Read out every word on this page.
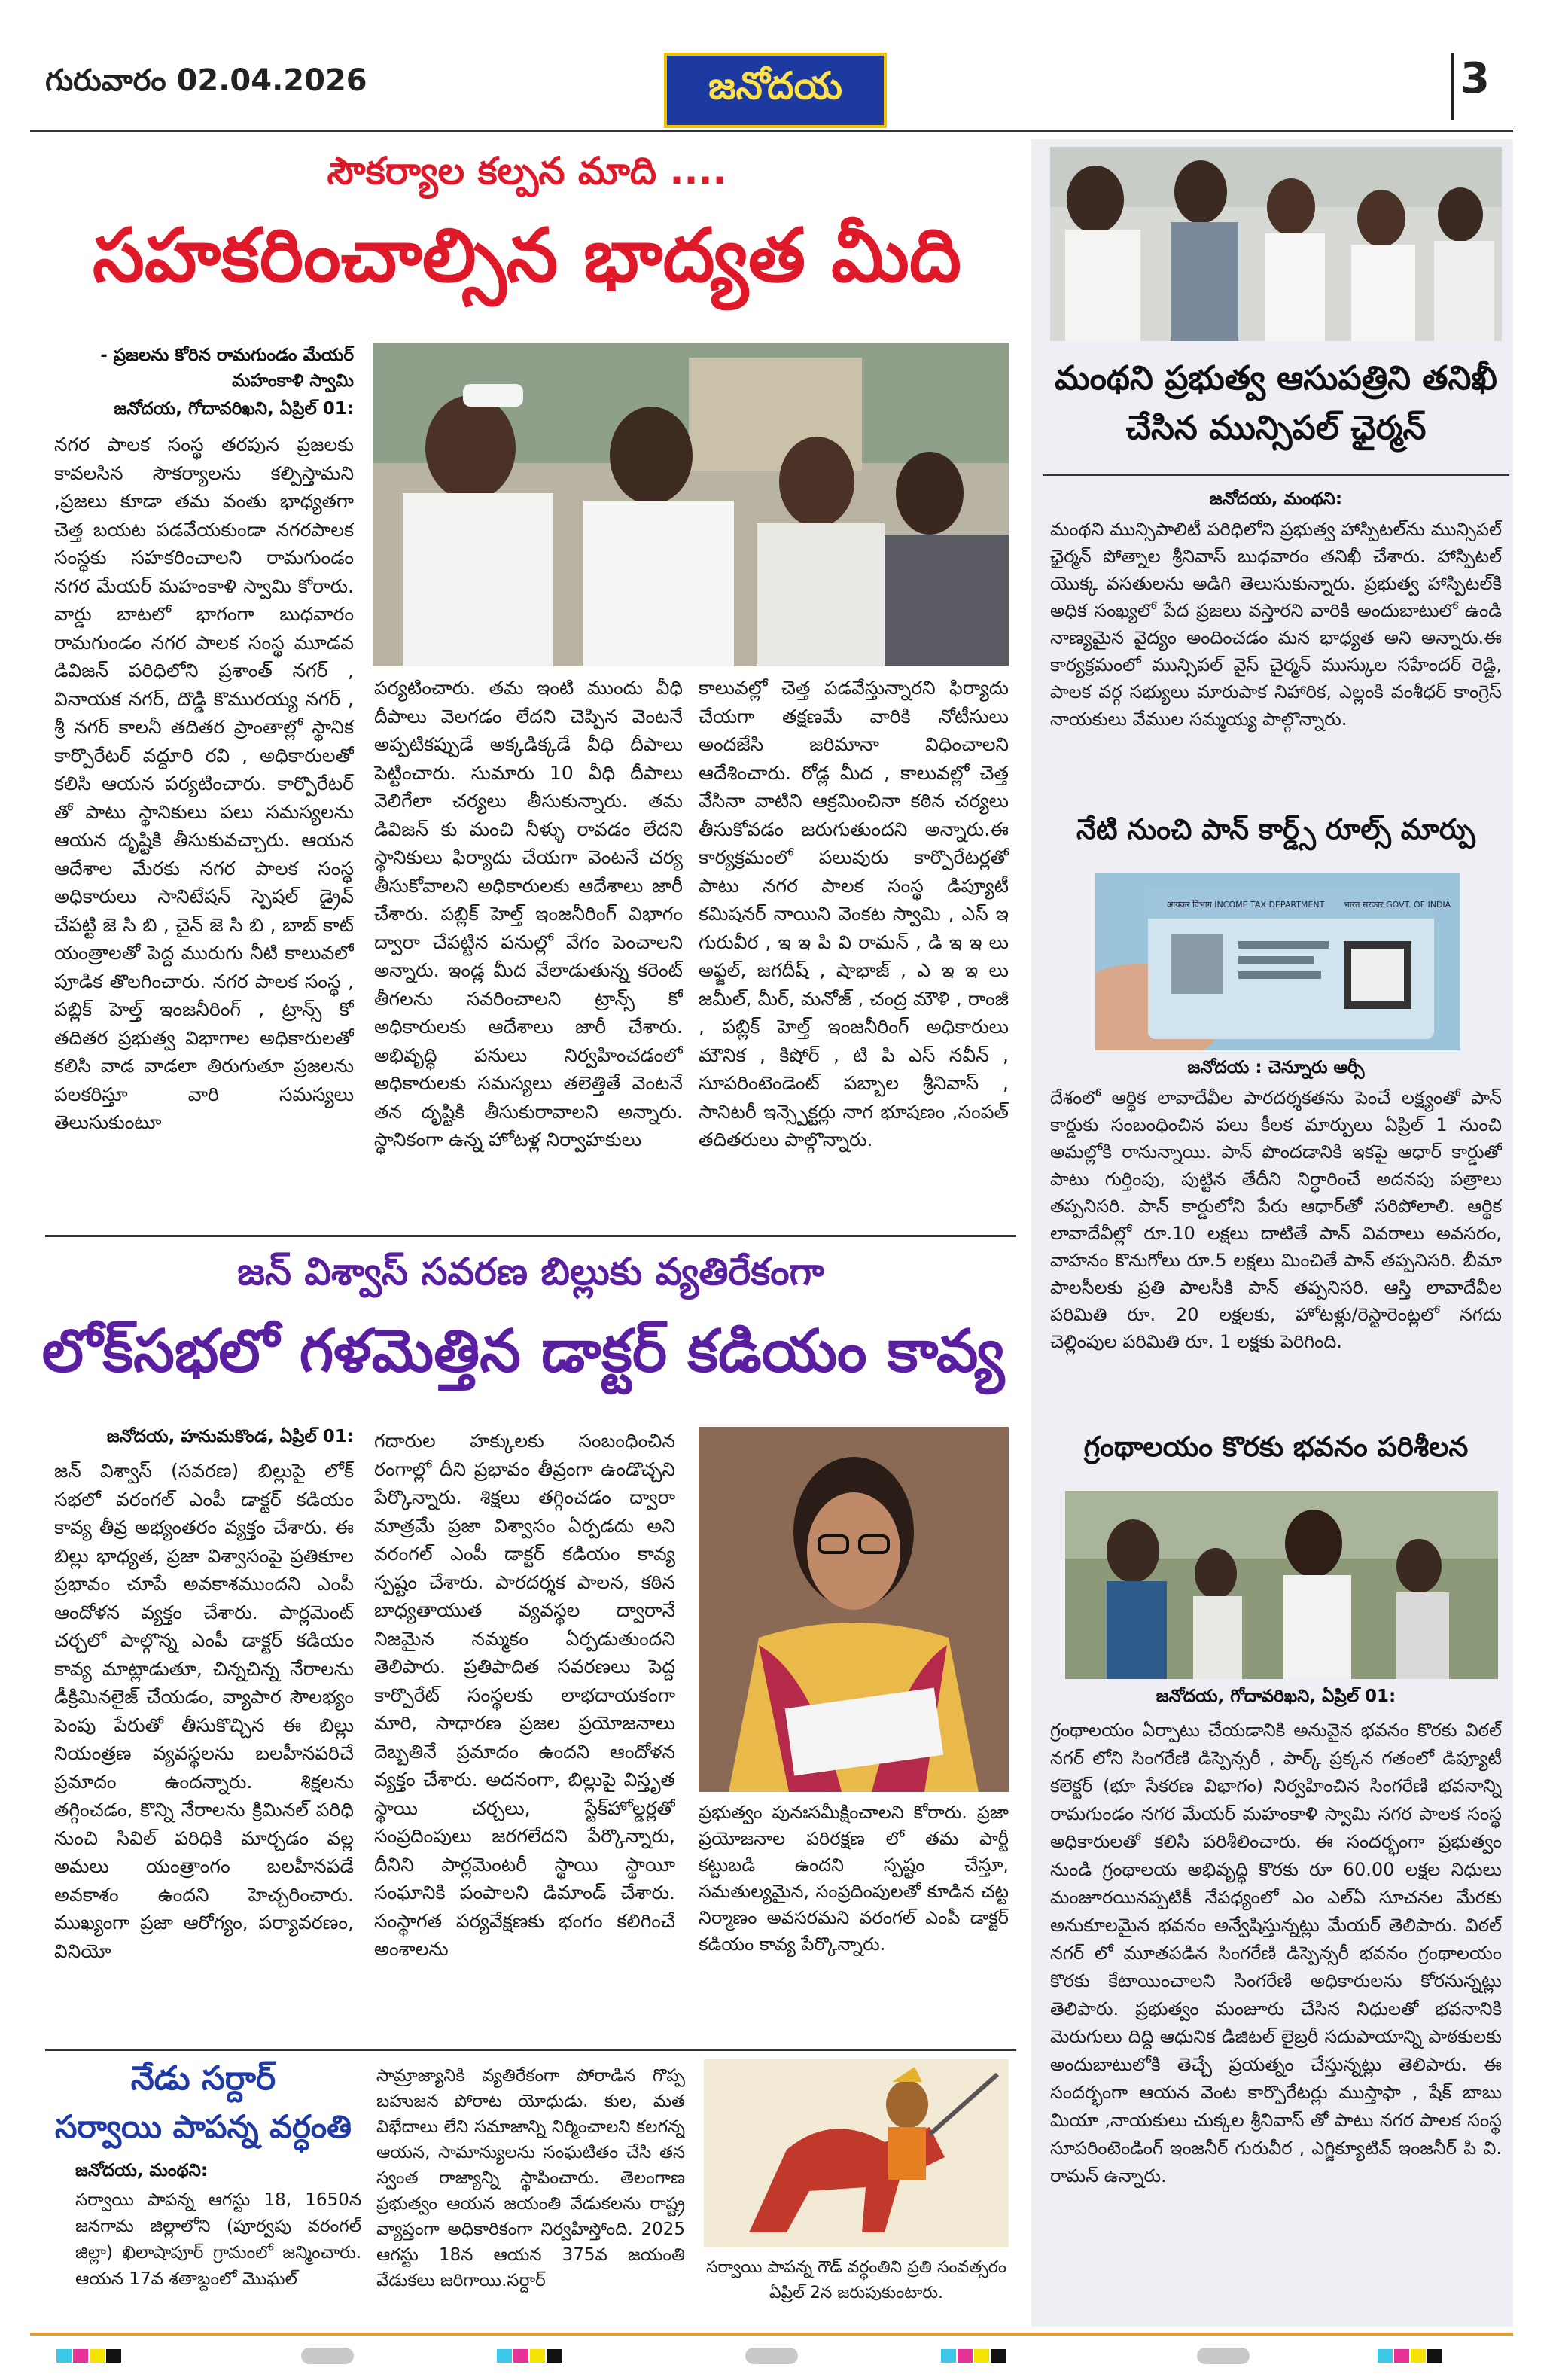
గురువారం 02.04.2026	జనోదయ	3
సౌకర్యాల కల్పన మాది ....
సహకరించాల్సిన భాద్యత మీది
- ప్రజలను కోరిన రామగుండం మేయర్ మహంకాళి స్వామి
జనోదయ, గోదావరిఖని, ఏప్రిల్ 01:
నగర పాలక సంస్థ తరపున ప్రజలకు కావలసిన సౌకర్యాలను కల్పిస్తామని ,ప్రజలు కూడా తమ వంతు భాధ్యతగా చెత్త బయట పడవేయకుండా నగరపాలక సంస్థకు సహకరించాలని రామగుండం నగర మేయర్ మహంకాళి స్వామి కోరారు. వార్డు బాటలో భాగంగా బుధవారం రామగుండం నగర పాలక సంస్థ మూడవ డివిజన్ పరిధిలోని ప్రశాంత్ నగర్ , వినాయక నగర్, దొడ్డి కొమురయ్య నగర్ , శ్రీ నగర్ కాలనీ తదితర ప్రాంతాల్లో స్థానిక కార్పొరేటర్ వద్దూరి రవి , అధికారులతో కలిసి ఆయన పర్యటించారు. కార్పొరేటర్ తో పాటు స్థానికులు పలు సమస్యలను ఆయన దృష్టికి తీసుకువచ్చారు. ఆయన ఆదేశాల మేరకు నగర పాలక సంస్థ అధికారులు సానిటేషన్ స్పెషల్ డ్రైవ్ చేపట్టి జె సి బి , చైన్ జె సి బి , బాబ్ కాట్ యంత్రాలతో పెద్ద మురుగు నీటి కాలువలో పూడిక తొలగించారు. నగర పాలక సంస్థ , పబ్లిక్ హెల్త్ ఇంజనీరింగ్ , ట్రాన్స్ కో తదితర ప్రభుత్వ విభాగాల అధికారులతో కలిసి వాడ వాడలా తిరుగుతూ ప్రజలను పలకరిస్తూ వారి సమస్యలు తెలుసుకుంటూ
పర్యటించారు. తమ ఇంటి ముందు వీధి దీపాలు వెలగడం లేదని చెప్పిన వెంటనే అప్పటికప్పుడే అక్కడిక్కడే వీధి దీపాలు పెట్టించారు. సుమారు 10 వీధి దీపాలు వెలిగేలా చర్యలు తీసుకున్నారు. తమ డివిజన్ కు మంచి నీళ్ళు రావడం లేదని స్థానికులు ఫిర్యాదు చేయగా వెంటనే చర్య తీసుకోవాలని అధికారులకు ఆదేశాలు జారీ చేశారు. పబ్లిక్ హెల్త్ ఇంజనీరింగ్ విభాగం ద్వారా చేపట్టిన పనుల్లో వేగం పెంచాలని అన్నారు. ఇండ్ల మీద వేలాడుతున్న కరెంట్ తీగలను సవరించాలని ట్రాన్స్ కో అధికారులకు ఆదేశాలు జారీ చేశారు. అభివృద్ధి పనులు నిర్వహించడంలో అధికారులకు సమస్యలు తలెత్తితే వెంటనే తన దృష్టికి తీసుకురావాలని అన్నారు. స్థానికంగా ఉన్న హోటళ్ల నిర్వాహకులు
కాలువల్లో చెత్త పడవేస్తున్నారని ఫిర్యాదు చేయగా తక్షణమే వారికి నోటీసులు అందజేసి జరిమానా విధించాలని ఆదేశించారు. రోడ్ల మీద , కాలువల్లో చెత్త వేసినా వాటిని ఆక్రమించినా కఠిన చర్యలు తీసుకోవడం జరుగుతుందని అన్నారు.ఈ కార్యక్రమంలో పలువురు కార్పొరేటర్లతో పాటు నగర పాలక సంస్థ డిప్యూటీ కమిషనర్ నాయిని వెంకట స్వామి , ఎస్ ఇ గురువీర , ఇ ఇ పి వి రామన్ , డి ఇ ఇ లు అఫ్జల్, జగదీష్ , షాభాజ్ , ఎ ఇ ఇ లు జమీల్, మీర్, మనోజ్ , చంద్ర మౌళి , రాంజీ , పబ్లిక్ హెల్త్ ఇంజనీరింగ్ అధికారులు మౌనిక , కిషోర్ , టి పి ఎస్ నవీన్ , సూపరింటెండెంట్ పబ్బాల శ్రీనివాస్ , సానిటరీ ఇన్స్పెక్టర్లు నాగ భూషణం ,సంపత్ తదితరులు పాల్గొన్నారు.
జన్ విశ్వాస్ సవరణ బిల్లుకు వ్యతిరేకంగా
లోక్‌సభలో గళమెత్తిన డాక్టర్ కడియం కావ్య
జనోదయ, హనుమకొండ, ఏప్రిల్ 01:
జన్ విశ్వాస్ (సవరణ) బిల్లుపై లోక్ సభలో వరంగల్ ఎంపీ డాక్టర్ కడియం కావ్య తీవ్ర అభ్యంతరం వ్యక్తం చేశారు. ఈ బిల్లు భాధ్యత, ప్రజా విశ్వాసంపై ప్రతికూల ప్రభావం చూపే అవకాశముందని ఎంపీ ఆందోళన వ్యక్తం చేశారు. పార్లమెంట్ చర్చలో పాల్గొన్న ఎంపీ డాక్టర్ కడియం కావ్య మాట్లాడుతూ, చిన్నచిన్న నేరాలను డీక్రిమినలైజ్ చేయడం, వ్యాపార సౌలభ్యం పెంపు పేరుతో తీసుకొచ్చిన ఈ బిల్లు నియంత్రణ వ్యవస్థలను బలహీనపరిచే ప్రమాదం ఉందన్నారు. శిక్షలను తగ్గించడం, కొన్ని నేరాలను క్రిమినల్ పరిధి నుంచి సివిల్ పరిధికి మార్చడం వల్ల అమలు యంత్రాంగం బలహీనపడే అవకాశం ఉందని హెచ్చరించారు. ముఖ్యంగా ప్రజా ఆరోగ్యం, పర్యావరణం, వినియో
గదారుల హక్కులకు సంబంధించిన రంగాల్లో దీని ప్రభావం తీవ్రంగా ఉండొచ్చని పేర్కొన్నారు. శిక్షలు తగ్గించడం ద్వారా మాత్రమే ప్రజా విశ్వాసం ఏర్పడదు అని వరంగల్ ఎంపీ డాక్టర్ కడియం కావ్య స్పష్టం చేశారు. పారదర్శక పాలన, కఠిన బాధ్యతాయుత వ్యవస్థల ద్వారానే నిజమైన నమ్మకం ఏర్పడుతుందని తెలిపారు. ప్రతిపాదిత సవరణలు పెద్ద కార్పొరేట్ సంస్థలకు లాభదాయకంగా మారి, సాధారణ ప్రజల ప్రయోజనాలు దెబ్బతినే ప్రమాదం ఉందని ఆందోళన వ్యక్తం చేశారు. అదనంగా, బిల్లుపై విస్తృత స్థాయి చర్చలు, స్టేక్‌హోల్డర్లతో సంప్రదింపులు జరగలేదని పేర్కొన్నారు, దీనిని పార్లమెంటరీ స్థాయి స్థాయీ సంఘానికి పంపాలని డిమాండ్ చేశారు. సంస్థాగత పర్యవేక్షణకు భంగం కలిగించే అంశాలను
ప్రభుత్వం పునఃసమీక్షించాలని కోరారు. ప్రజా ప్రయోజనాల పరిరక్షణ లో తమ పార్టీ కట్టుబడి ఉందని స్పష్టం చేస్తూ, సమతుల్యమైన, సంప్రదింపులతో కూడిన చట్ట నిర్మాణం అవసరమని వరంగల్ ఎంపీ డాక్టర్ కడియం కావ్య పేర్కొన్నారు.
నేడు సర్దార్
సర్వాయి పాపన్న వర్ధంతి
జనోదయ, మంథని:
సర్వాయి పాపన్న ఆగస్టు 18, 1650న జనగామ జిల్లాలోని (పూర్వపు వరంగల్ జిల్లా) ఖిలాషాపూర్ గ్రామంలో జన్మించారు. ఆయన 17వ శతాబ్దంలో మొఘల్
సామ్రాజ్యానికి వ్యతిరేకంగా పోరాడిన గొప్ప బహుజన పోరాట యోధుడు. కుల, మత విభేదాలు లేని సమాజాన్ని నిర్మించాలని కలగన్న ఆయన, సామాన్యులను సంఘటితం చేసి తన స్వంత రాజ్యాన్ని స్థాపించారు. తెలంగాణ ప్రభుత్వం ఆయన జయంతి వేడుకలను రాష్ట్ర వ్యాప్తంగా అధికారికంగా నిర్వహిస్తోంది. 2025 ఆగస్టు 18న ఆయన 375వ జయంతి వేడుకలు జరిగాయి.సర్దార్
సర్వాయి పాపన్న గౌడ్ వర్ధంతిని ప్రతి సంవత్సరం ఏప్రిల్ 2న జరుపుకుంటారు.
మంథని ప్రభుత్వ ఆసుపత్రిని తనిఖీ చేసిన మున్సిపల్ ఛైర్మన్
జనోదయ, మంథని:
మంథని మున్సిపాలిటీ పరిధిలోని ప్రభుత్వ హాస్పిటల్‌ను మున్సిపల్ ఛైర్మన్ పోత్నాల శ్రీనివాస్ బుధవారం తనిఖీ చేశారు. హాస్పిటల్ యొక్క వసతులను అడిగి తెలుసుకున్నారు. ప్రభుత్వ హాస్పిటల్‌కి అధిక సంఖ్యలో పేద ప్రజలు వస్తారని వారికి అందుబాటులో ఉండి నాణ్యమైన వైద్యం అందించడం మన భాధ్యత అని అన్నారు.ఈ కార్యక్రమంలో మున్సిపల్ వైస్ చైర్మన్ ముస్కుల సహేందర్ రెడ్డి, పాలక వర్గ సభ్యులు మారుపాక నిహారిక, ఎల్లంకి వంశీధర్ కాంగ్రెస్ నాయకులు వేముల సమ్మయ్య పాల్గొన్నారు.
నేటి నుంచి పాన్ కార్డ్స్ రూల్స్ మార్పు
आयकर विभाग INCOME TAX DEPARTMENT भारत सरकार GOVT. OF INDIA
జనోదయ : చెన్నూరు ఆర్సీ
దేశంలో ఆర్థిక లావాదేవీల పారదర్శకతను పెంచే లక్ష్యంతో పాన్ కార్డుకు సంబంధించిన పలు కీలక మార్పులు ఏప్రిల్ 1 నుంచి అమల్లోకి రానున్నాయి. పాన్ పొందడానికి ఇకపై ఆధార్ కార్డుతో పాటు గుర్తింపు, పుట్టిన తేదీని నిర్ధారించే అదనపు పత్రాలు తప్పనిసరి. పాన్ కార్డులోని పేరు ఆధార్‌తో సరిపోలాలి. ఆర్థిక లావాదేవీల్లో రూ.10 లక్షలు దాటితే పాన్ వివరాలు అవసరం, వాహనం కొనుగోలు రూ.5 లక్షలు మించితే పాన్ తప్పనిసరి. బీమా పాలసీలకు ప్రతి పాలసీకి పాన్ తప్పనిసరి. ఆస్తి లావాదేవీల పరిమితి రూ. 20 లక్షలకు, హోటళ్లు/రెస్టారెంట్లలో నగదు చెల్లింపుల పరిమితి రూ. 1 లక్షకు పెరిగింది.
గ్రంథాలయం కొరకు భవనం పరిశీలన
జనోదయ, గోదావరిఖని, ఏప్రిల్ 01:
గ్రంథాలయం ఏర్పాటు చేయడానికి అనువైన భవనం కొరకు విఠల్ నగర్ లోని సింగరేణి డిస్పెన్సరీ , పార్క్ ప్రక్కన గతంలో డిప్యూటీ కలెక్టర్ (భూ సేకరణ విభాగం) నిర్వహించిన సింగరేణి భవనాన్ని రామగుండం నగర మేయర్ మహంకాళి స్వామి నగర పాలక సంస్థ అధికారులతో కలిసి పరిశీలించారు. ఈ సందర్భంగా ప్రభుత్వం నుండి గ్రంథాలయ అభివృద్ధి కొరకు రూ 60.00 లక్షల నిధులు మంజూరయినప్పటికీ నేపధ్యంలో ఎం ఎల్ఏ సూచనల మేరకు అనుకూలమైన భవనం అన్వేషిస్తున్నట్లు మేయర్ తెలిపారు. విఠల్ నగర్ లో మూతపడిన సింగరేణి డిస్పెన్సరీ భవనం గ్రంథాలయం కొరకు కేటాయించాలని సింగరేణి అధికారులను కోరనున్నట్లు తెలిపారు. ప్రభుత్వం మంజూరు చేసిన నిధులతో భవనానికి మెరుగులు దిద్ది ఆధునిక డిజిటల్ లైబ్రరీ సదుపాయాన్ని పాఠకులకు అందుబాటులోకి తెచ్చే ప్రయత్నం చేస్తున్నట్లు తెలిపారు. ఈ సందర్భంగా ఆయన వెంట కార్పొరేటర్లు ముస్తాఫా , షేక్ బాబు మియా ,నాయకులు చుక్కల శ్రీనివాస్ తో పాటు నగర పాలక సంస్థ సూపరింటెండింగ్ ఇంజనీర్ గురువీర , ఎగ్జిక్యూటివ్ ఇంజనీర్ పి వి. రామన్ ఉన్నారు.
